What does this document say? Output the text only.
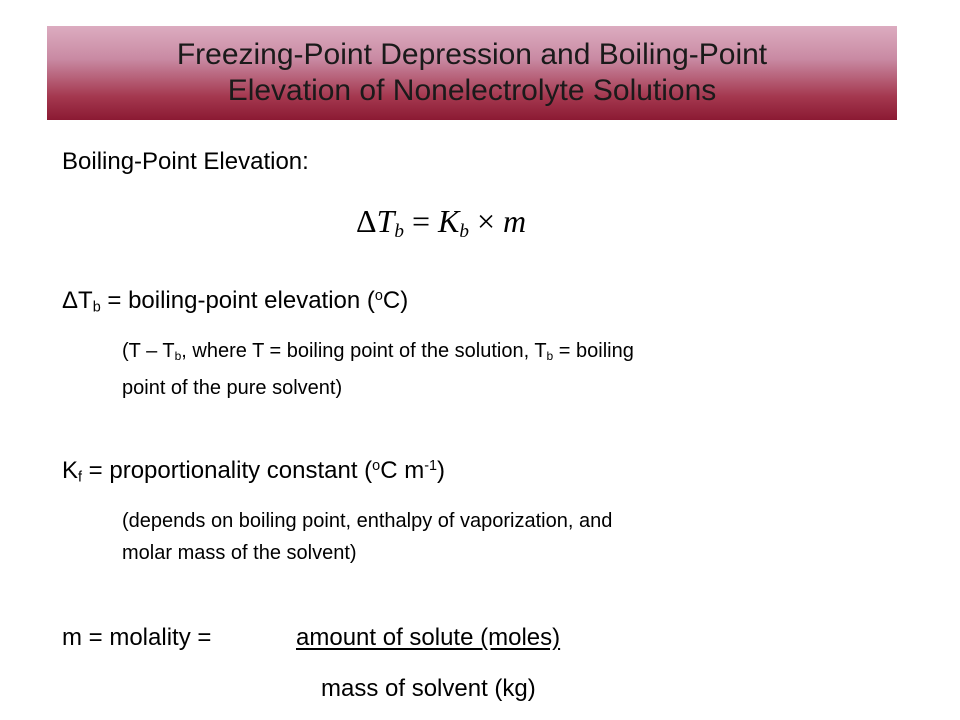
Freezing-Point Depression and Boiling-Point
Elevation of Nonelectrolyte Solutions
Boiling-Point Elevation:
$\Delta T_b = K_b \times m$
$\Delta T_b$ = boiling-point elevation ($^o$C)
($T - T_b$, where T = boiling point of the solution, $T_b$ = boiling
point of the pure solvent)
$K_f$ = proportionality constant ($^o$C $m^{-1}$)
(depends on boiling point, enthalpy of vaporization, and
molar mass of the solvent)
m = molality =	amount of solute (moles)
mass of solvent (kg)
